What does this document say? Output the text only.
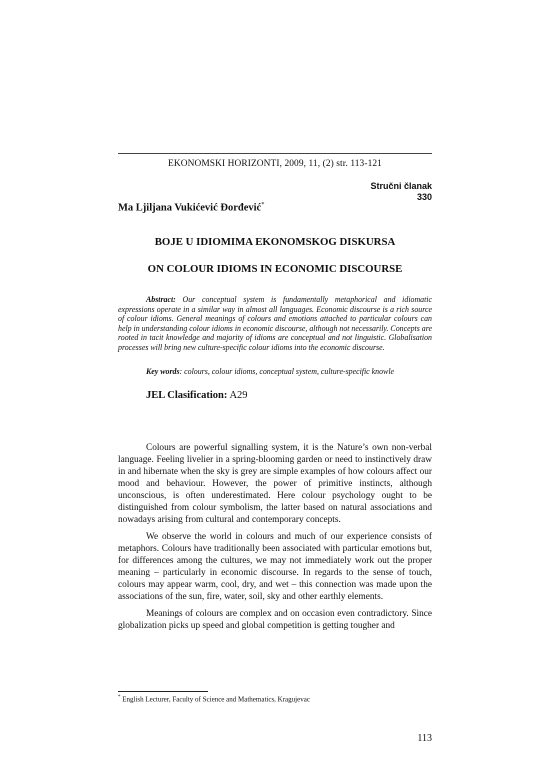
EKONOMSKI HORIZONTI, 2009, 11, (2) str. 113-121
Stručni članak
330
Ma Ljiljana Vukićević Đorđević*
BOJE U IDIOMIMA EKONOMSKOG DISKURSA
ON COLOUR IDIOMS IN ECONOMIC DISCOURSE
Abstract: Our conceptual system is fundamentally metaphorical and idiomatic expressions operate in a similar way in almost all languages. Economic discourse is a rich source of colour idioms. General meanings of colours and emotions attached to particular colours can help in understanding colour idioms in economic discourse, although not necessarily. Concepts are rooted in tacit knowledge and majority of idioms are conceptual and not linguistic. Globalisation processes will bring new culture-specific colour idioms into the economic discourse.
Key words: colours, colour idioms, conceptual system, culture-specific knowle
JEL Clasification: A29

Colours are powerful signalling system, it is the Nature’s own non-verbal language. Feeling livelier in a spring-blooming garden or need to instinctively draw in and hibernate when the sky is grey are simple examples of how colours affect our mood and behaviour. However, the power of primitive instincts, although unconscious, is often underestimated. Here colour psychology ought to be distinguished from colour symbolism, the latter based on natural associations and nowadays arising from cultural and contemporary concepts.

We observe the world in colours and much of our experience consists of metaphors. Colours have traditionally been associated with particular emotions but, for differences among the cultures, we may not immediately work out the proper meaning – particularly in economic discourse. In regards to the sense of touch, colours may appear warm, cool, dry, and wet – this connection was made upon the associations of the sun, fire, water, soil, sky and other earthly elements.

Meanings of colours are complex and on occasion even contradictory. Since globalization picks up speed and global competition is getting tougher and

* English Lecturer, Faculty of Science and Mathematics, Kragujevac
113
